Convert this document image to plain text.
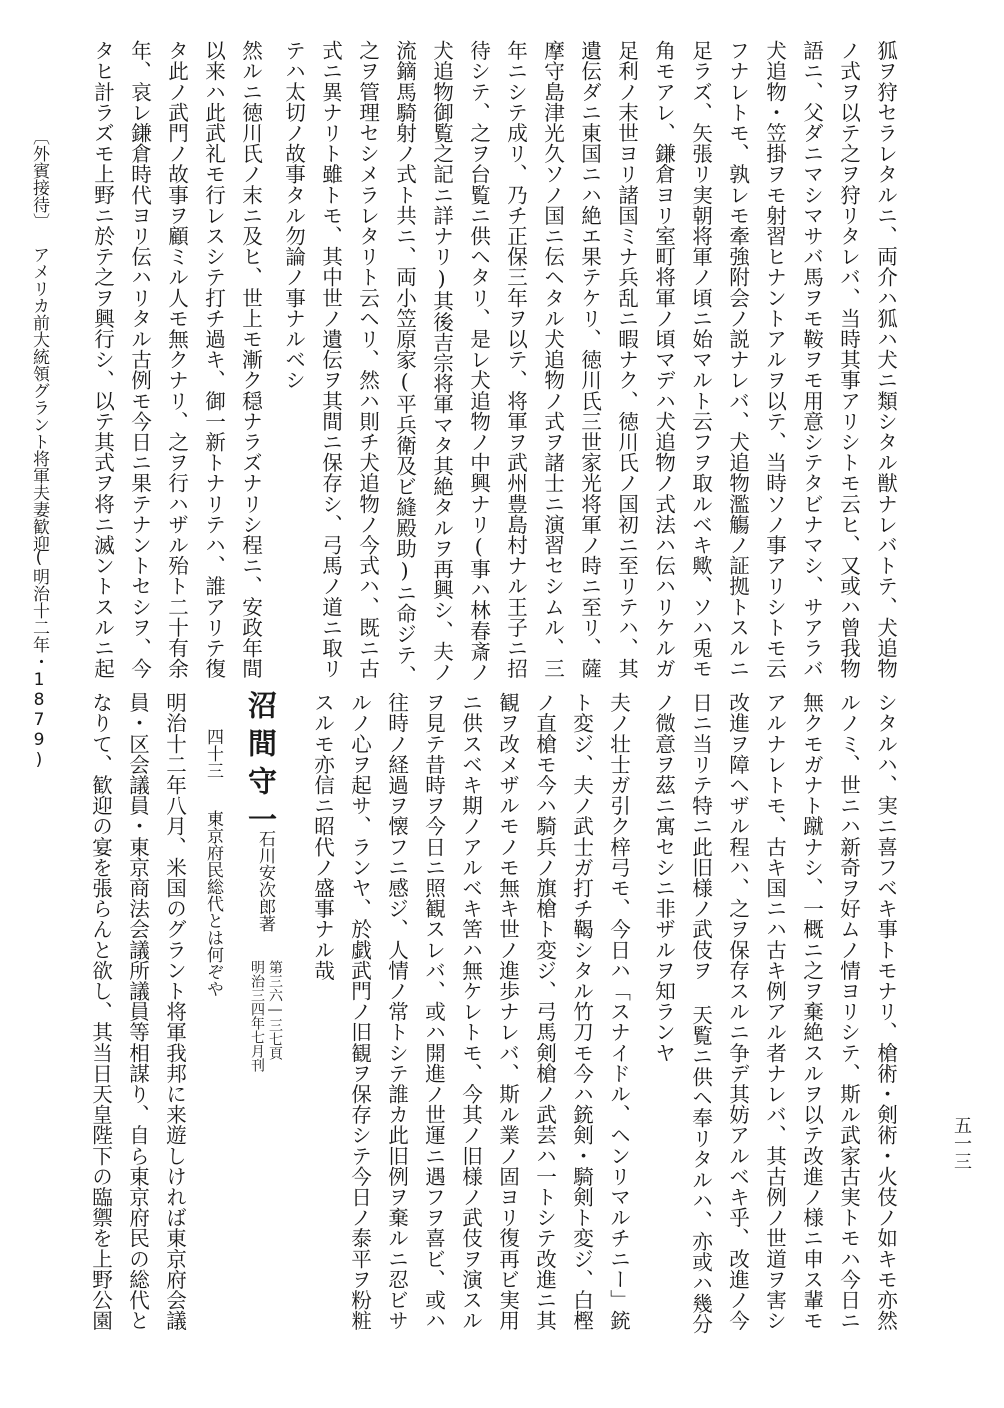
〔外賓接待〕
アメリカ前大統領グラント将軍夫妻歓迎
(明治十二年・1879)
五一三
狐ヲ狩セラレタルニ、両介ハ狐ハ犬ニ類シタル獣ナレバトテ、犬追物
ノ式ヲ以テ之ヲ狩リタレバ、当時其事アリシトモ云ヒ、又或ハ曾我物
語ニ、父ダニマシマサバ馬ヲモ鞍ヲモ用意シテタビナマシ、サアラバ
犬追物・笠掛ヲモ射習ヒナントアルヲ以テ、当時ソノ事アリシトモ云
フナレトモ、孰レモ牽強附会ノ説ナレバ、犬追物濫觴ノ証拠トスルニ
足ラズ、矢張リ実朝将軍ノ頃ニ始マルト云フヲ取ルベキ歟、ソハ兎モ
角モアレ、鎌倉ヨリ室町将軍ノ頃マデハ犬追物ノ式法ハ伝ハリケルガ
足利ノ末世ヨリ諸国ミナ兵乱ニ暇ナク、徳川氏ノ国初ニ至リテハ、其
遺伝ダニ東国ニハ絶エ果テケリ、徳川氏三世家光将軍ノ時ニ至リ、薩
摩守島津光久ソノ国ニ伝ヘタル犬追物ノ式ヲ諸士ニ演習セシムル、三
年ニシテ成リ、乃チ正保三年ヲ以テ、将軍ヲ武州豊島村ナル王子ニ招
待シテ、之ヲ台覧ニ供ヘタリ、是レ犬追物ノ中興ナリ(事ハ林春斎ノ
犬追物御覧之記ニ詳ナリ)其後吉宗将軍マタ其絶タルヲ再興シ、夫ノ
流鏑馬騎射ノ式ト共ニ、両小笠原家(平兵衛及ビ縫殿助)ニ命ジテ、
之ヲ管理セシメラレタリト云ヘリ、然ハ則チ犬追物ノ今式ハ、既ニ古
式ニ異ナリト雖トモ、其中世ノ遺伝ヲ其間ニ保存シ、弓馬ノ道ニ取リ
テハ太切ノ故事タル勿論ノ事ナルベシ
然ルニ徳川氏ノ末ニ及ヒ、世上モ漸ク穏ナラズナリシ程ニ、安政年間
以来ハ此武礼モ行レスシテ打チ過キ、御一新トナリテハ、誰アリテ復
タ此ノ武門ノ故事ヲ顧ミル人モ無クナリ、之ヲ行ハザル殆ト二十有余
年、哀レ鎌倉時代ヨリ伝ハリタル古例モ今日ニ果テナントセシヲ、今
タヒ計ラズモ上野ニ於テ之ヲ興行シ、以テ其式ヲ将ニ滅ントスルニ起
シタルハ、実ニ喜フベキ事トモナリ、槍術・剣術・火伎ノ如キモ亦然
ルノミ、世ニハ新奇ヲ好ムノ情ヨリシテ、斯ル武家古実トモハ今日ニ
無クモガナト蹴ナシ、一概ニ之ヲ棄絶スルヲ以テ改進ノ様ニ申ス輩モ
アルナレトモ、古キ国ニハ古キ例アル者ナレバ、其古例ノ世道ヲ害シ
改進ヲ障ヘザル程ハ、之ヲ保存スルニ争デ其妨アルベキ乎、改進ノ今
日ニ当リテ特ニ此旧様ノ武伎ヲ 天覧ニ供ヘ奉リタルハ、亦或ハ幾分
ノ微意ヲ茲ニ寓セシニ非ザルヲ知ランヤ
夫ノ壮士ガ引ク梓弓モ、今日ハ「スナイドル、ヘンリマルチニー」銃
ト変ジ、夫ノ武士ガ打チ鞨シタル竹刀モ今ハ銃剣・騎剣ト変ジ、白樫
ノ直槍モ今ハ騎兵ノ旗槍ト変ジ、弓馬剣槍ノ武芸ハ一トシテ改進ニ其
観ヲ改メザルモノモ無キ世ノ進歩ナレバ、斯ル業ノ固ヨリ復再ビ実用
ニ供スベキ期ノアルベキ筈ハ無ケレトモ、今其ノ旧様ノ武伎ヲ演スル
ヲ見テ昔時ヲ今日ニ照観スレバ、或ハ開進ノ世運ニ遇フヲ喜ビ、或ハ
往時ノ経過ヲ懐フニ感ジ、人情ノ常トシテ誰カ此旧例ヲ棄ルニ忍ビサ
ルノ心ヲ起サ、ランヤ、於戯武門ノ旧観ヲ保存シテ今日ノ泰平ヲ粉粧
スルモ亦信ニ昭代ノ盛事ナル哉
沼間守一
石川安次郎著
第三六―三七頁
明治三四年七月刊
四十三
東京府民総代とは何ぞや
明治十二年八月、米国のグラント将軍我邦に来遊しければ東京府会議
員・区会議員・東京商法会議所議員等相謀り、自ら東京府民の総代と
なりて、歓迎の宴を張らんと欲し、其当日天皇陛下の臨禦を上野公園
